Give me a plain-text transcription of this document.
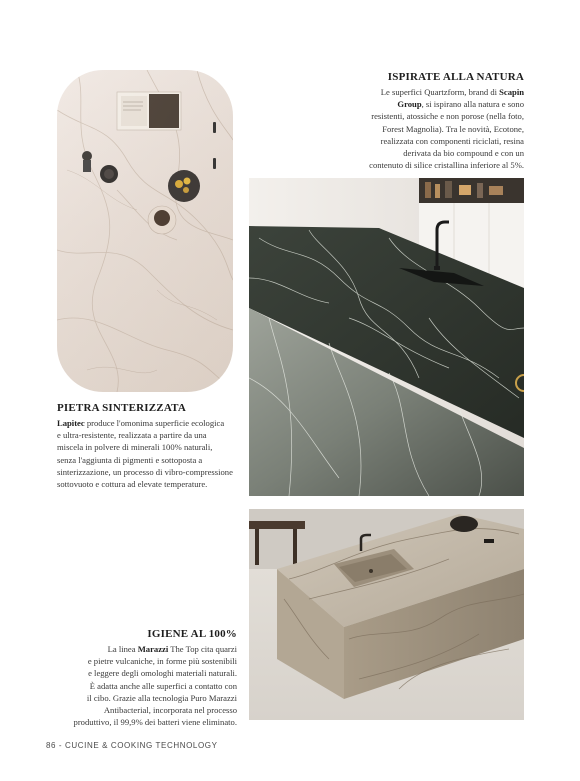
ISPIRATE ALLA NATURA
Le superfici Quartzform, brand di Scapin
Group, si ispirano alla natura e sono
resistenti, atossiche e non porose (nella foto,
Forest Magnolia). Tra le novità, Ecotone,
realizzata con componenti riciclati, resina
derivata da bio compound e con un
contenuto di silice cristallina inferiore al 5%.
PIETRA SINTERIZZATA
Lapitec produce l'omonima superficie ecologica
e ultra-resistente, realizzata a partire da una
miscela in polvere di minerali 100% naturali,
senza l'aggiunta di pigmenti e sottoposta a
sinterizzazione, un processo di vibro-compressione
sottovuoto e cottura ad elevate temperature.
IGIENE AL 100%
La linea Marazzi The Top cita quarzi
e pietre vulcaniche, in forme più sostenibili
e leggere degli omologhi materiali naturali.
È adatta anche alle superfici a contatto con
il cibo. Grazie alla tecnologia Puro Marazzi
Antibacterial, incorporata nel processo
produttivo, il 99,9% dei batteri viene eliminato.
86 - CUCINE & COOKING TECHNOLOGY
